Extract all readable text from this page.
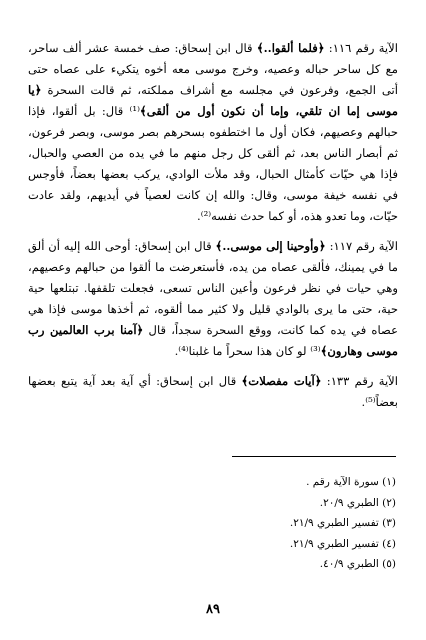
الآية رقم ١١٦: ﴿فلما ألقوا..﴾ قال ابن إسحاق: صف خمسة عشر ألف ساحر، مع كل ساحر حباله وعصيه، وخرج موسى معه أخوه يتكيء على عصاه حتى أتى الجمع، وفرعون في مجلسه مع أشراف مملكته، ثم قالت السحرة ﴿يا موسى إما ان تلقي، وإما أن نكون أول من ألقى﴾⁽¹⁾ قال: بل ألقوا، فإذا حبالهم وعصيهم، فكان أول ما اختطفوه بسحرهم بصر موسى، وبصر فرعون، ثم أبصار الناس بعد، ثم ألقى كل رجل منهم ما في يده من العصي والحبال، فإذا هي حيّات كأمثال الحبال، وقد ملأت الوادي، يركب بعضها بعضاً، فأوجس في نفسه خيفة موسى، وقال: والله إن كانت لعصياً في أيديهم، ولقد عادت حيّات، وما تعدو هذه، أو كما حدث نفسه⁽²⁾.

الآية رقم ١١٧: ﴿وأوحينا إلى موسى..﴾ قال ابن إسحاق: أوحى الله إليه أن ألق ما في يمينك، فألقى عصاه من يده، فأستعرضت ما ألقوا من حبالهم وعصيهم، وهي حيات في نظر فرعون وأعين الناس تسعى، فجعلت تلقفها. تبتلعها حية حية، حتى ما يرى بالوادي قليل ولا كثير مما ألقوه، ثم أخذها موسى فإذا هي عصاه في يده كما كانت، ووقع السحرة سجداً، قال ﴿آمنا برب العالمين رب موسى وهارون﴾⁽³⁾ لو كان هذا سحراً ما غلبنا⁽⁴⁾.

الآية رقم ١٣٣: ﴿آيات مفصلات﴾ قال ابن إسحاق: أي آية بعد آية يتبع بعضها بعضاً⁽⁵⁾.

(١) سورة الآية رقم .
(٢) الطبري ٢٠/٩.
(٣) تفسير الطبري ٢١/٩.
(٤) تفسير الطبري ٢١/٩.
(٥) الطبري ٤٠/٩.
٨٩
